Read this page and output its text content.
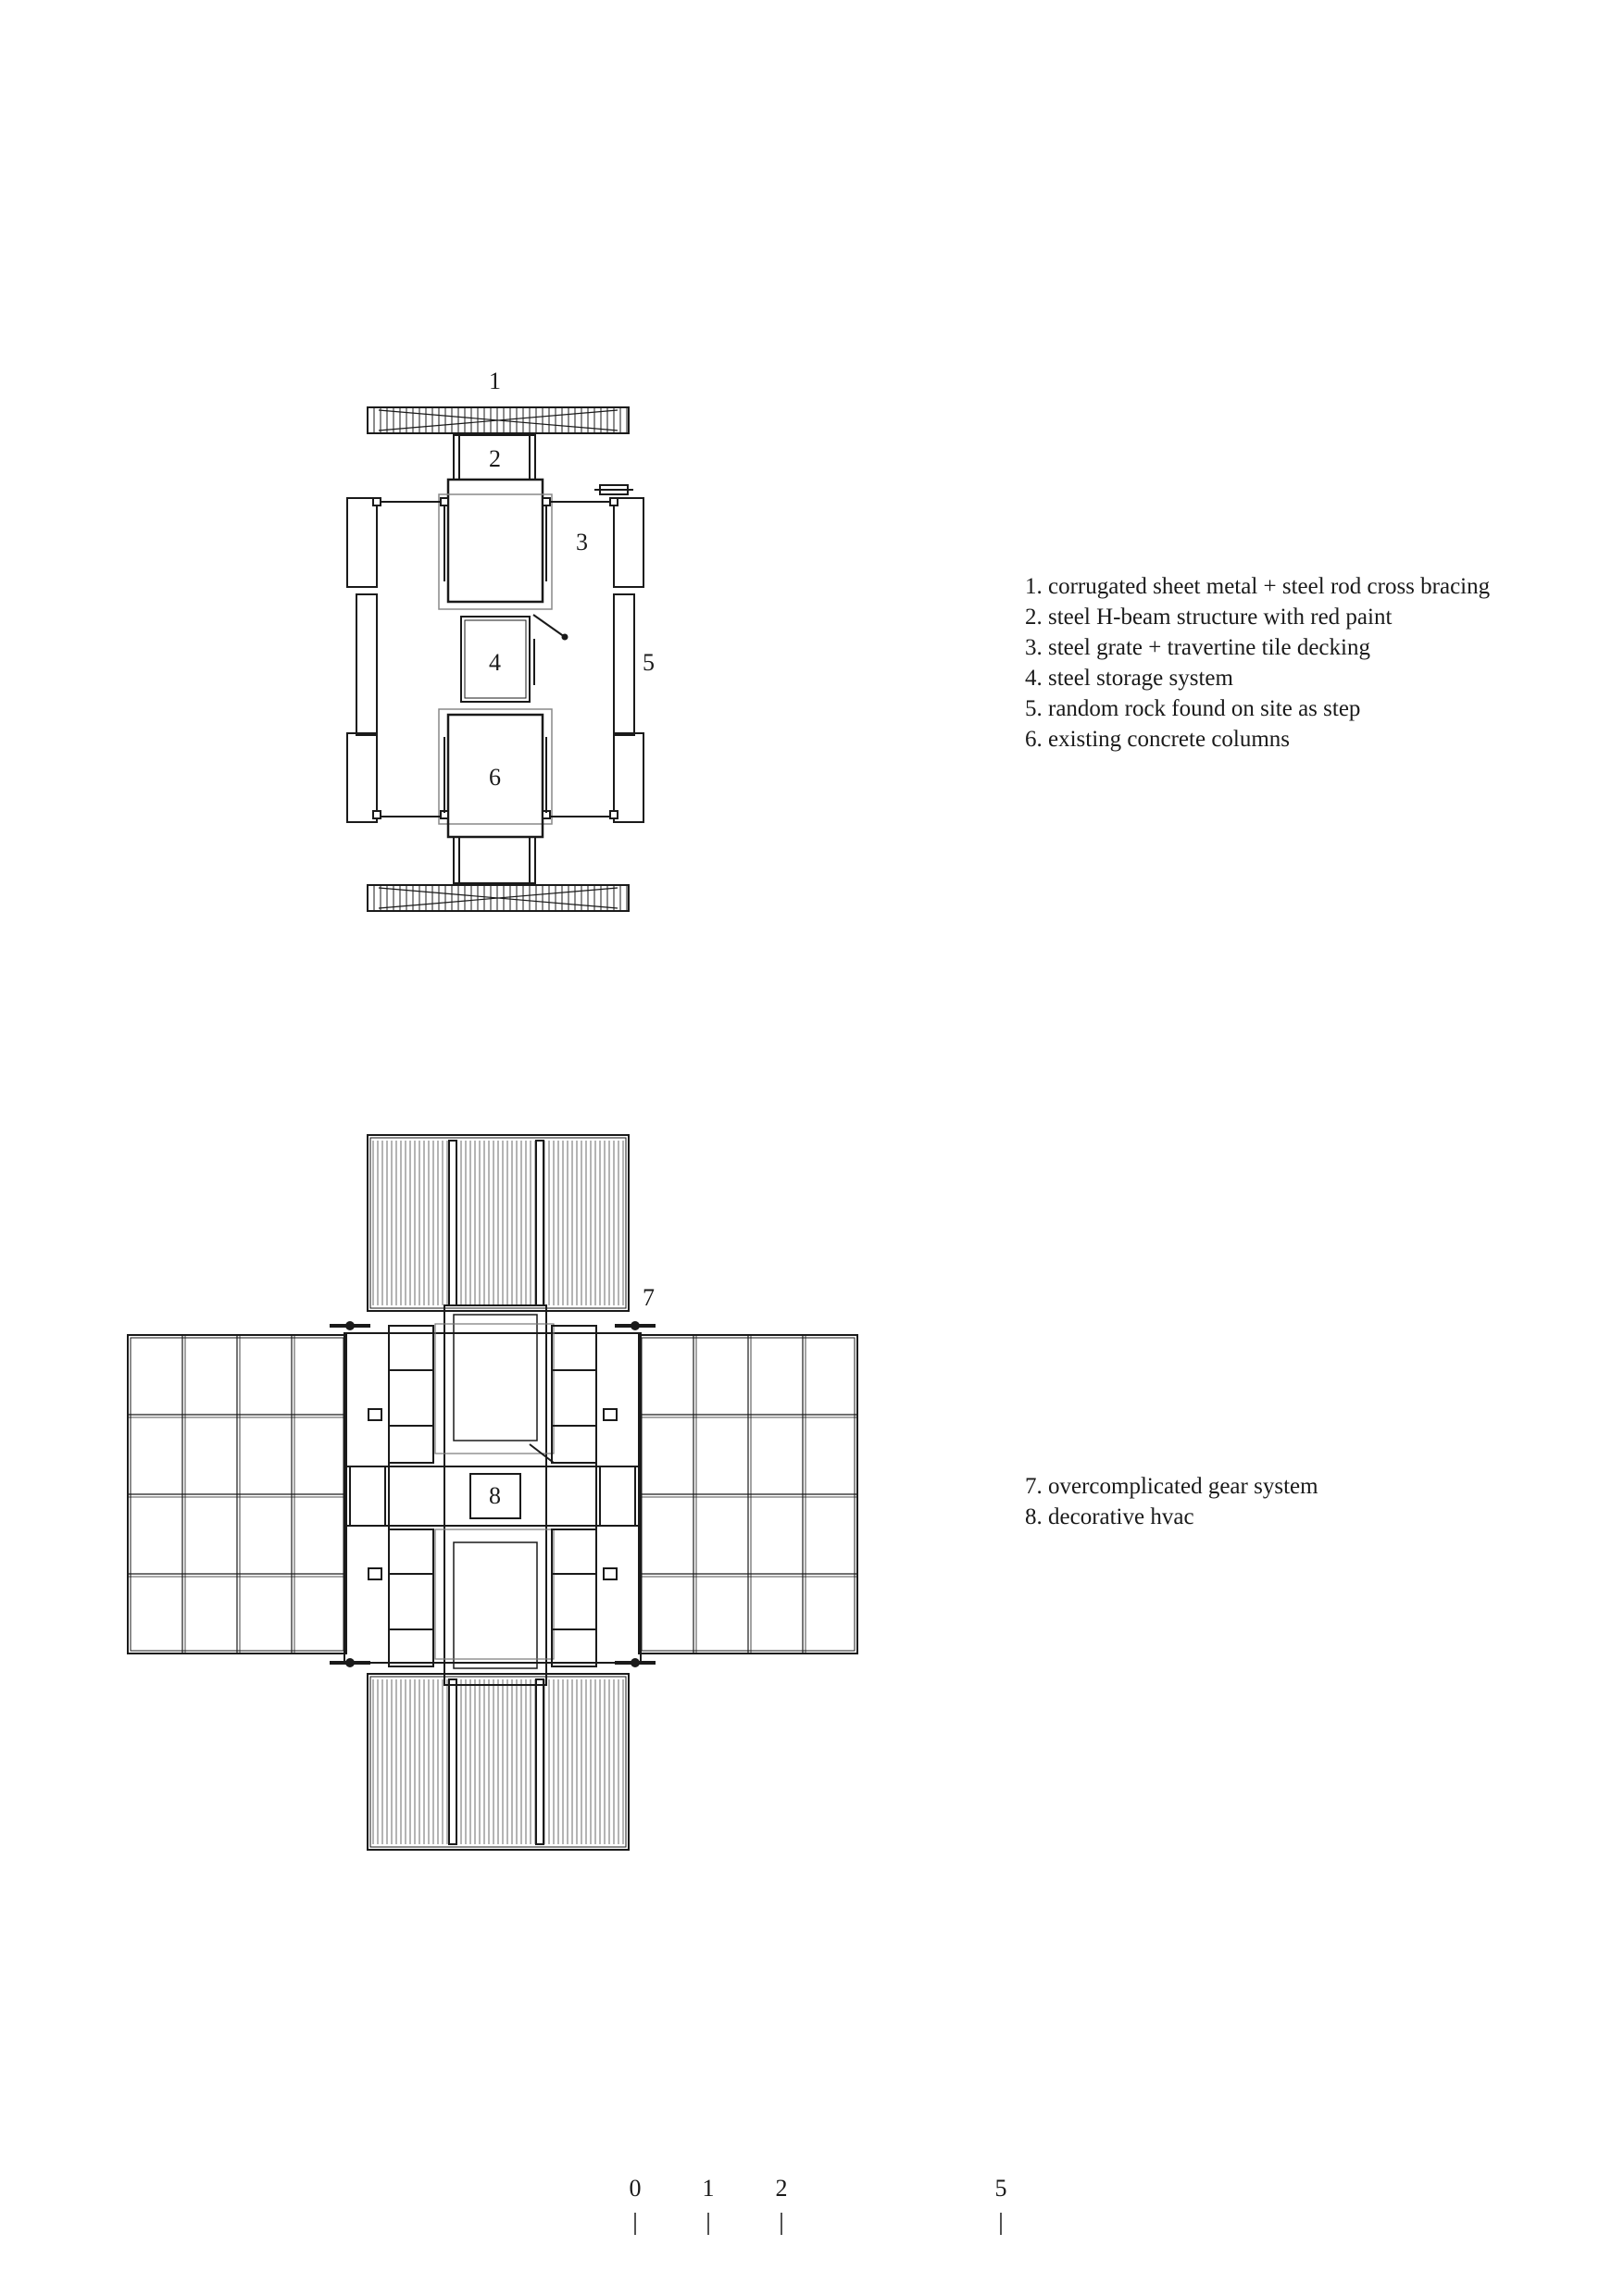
1
2
3
4	5
6
7
8
0	1	2	5
1. corrugated sheet metal + steel rod cross bracing
2. steel H-beam structure with red paint
3. steel grate + travertine tile decking
4. steel storage system
5. random rock found on site as step
6. existing concrete columns
7. overcomplicated gear system
8. decorative hvac
